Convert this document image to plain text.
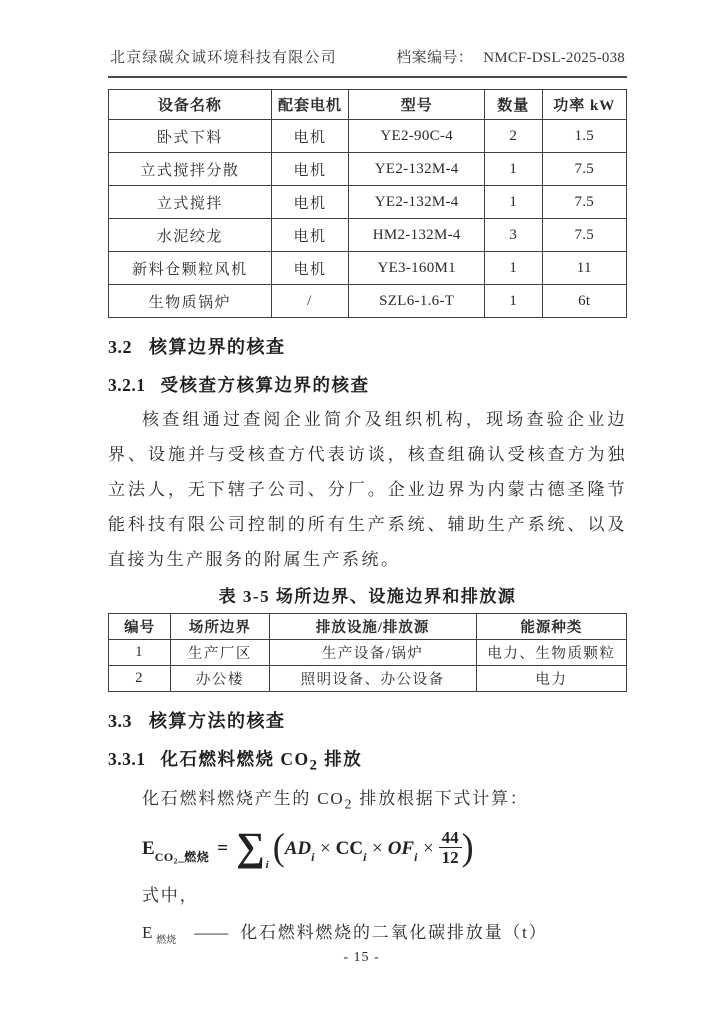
北京绿碳众诚环境科技有限公司	档案编号： NMCF-DSL-2025-038
设备名称	配套电机	型号	数量	功率 kW
卧式下料	电机	YE2-90C-4	2	1.5
立式搅拌分散	电机	YE2-132M-4	1	7.5
立式搅拌	电机	YE2-132M-4	1	7.5
水泥绞龙	电机	HM2-132M-4	3	7.5
新料仓颗粒风机	电机	YE3-160M1	1	11
生物质锅炉	/	SZL6-1.6-T	1	6t
3.2 核算边界的核查
3.2.1 受核查方核算边界的核查

核查组通过查阅企业简介及组织机构，现场查验企业边界、设施并与受核查方代表访谈，核查组确认受核查方为独立法人，无下辖子公司、分厂。企业边界为内蒙古德圣隆节能科技有限公司控制的所有生产系统、辅助生产系统、以及直接为生产服务的附属生产系统。

表 3-5 场所边界、设施边界和排放源
编号	场所边界	排放设施/排放源	能源种类
1	生产厂区	生产设备/锅炉	电力、生物质颗粒
2	办公楼	照明设备、办公设备	电力
3.3 核算方法的核查
3.3.1 化石燃料燃烧 $CO_2$ 排放
化石燃料燃烧产生的 $CO_2$ 排放根据下式计算：
ECO₂_燃烧 = ∑ i ( ADi × CCi × OFi × $\frac{44}{12}$ )
式中，
E 燃烧 —— 化石燃料燃烧的二氧化碳排放量（t）
- 15 -
